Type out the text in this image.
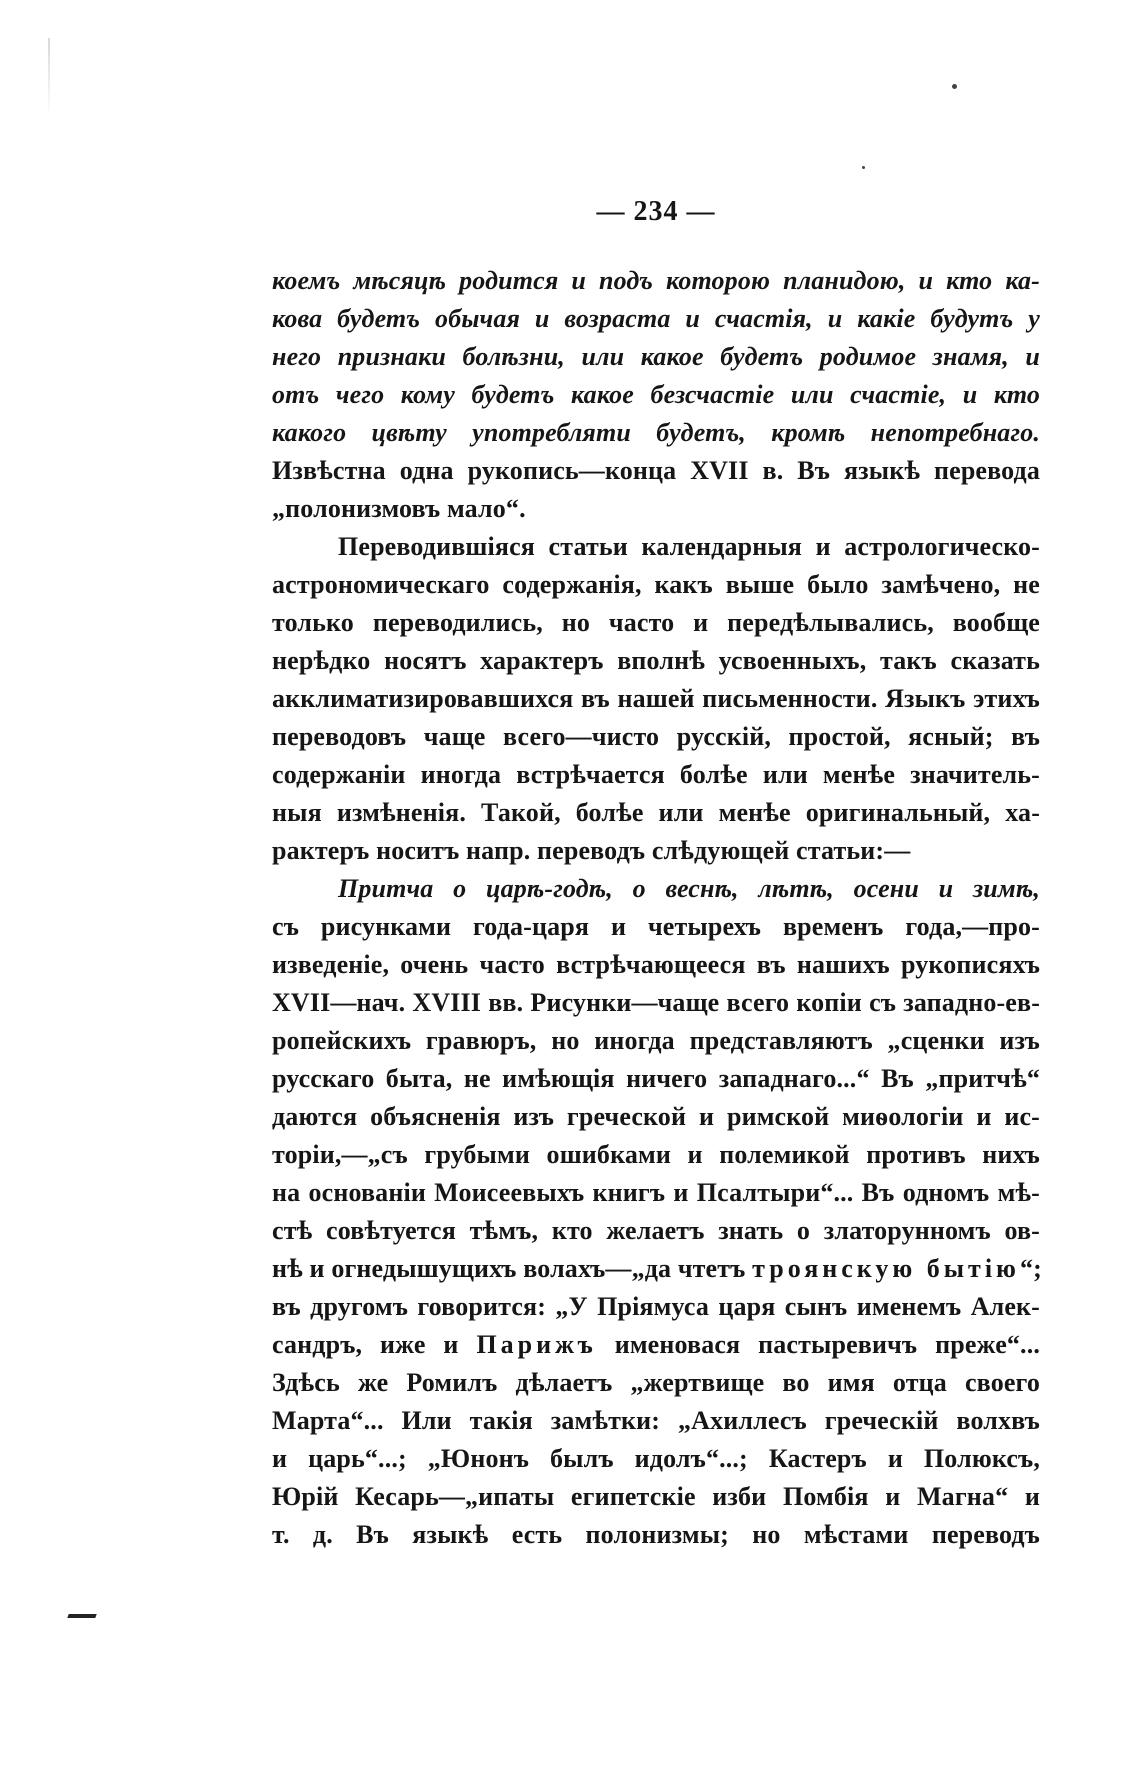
— 234 —
коемъ мѣсяцѣ родится и подъ которою планидою, и кто ка-
кова будетъ обычая и возраста и счастія, и какіе будутъ у
него признаки болѣзни, или какое будетъ родимое знамя, и
отъ чего кому будетъ какое безсчастіе или счастіе, и кто
какого цвѣту употребляти будетъ, кромѣ непотребнаго.
Извѣстна одна рукопись—конца XVII в. Въ языкѣ перевода
„полонизмовъ мало“.
Переводившіяся статьи календарныя и астрологическо-
астрономическаго содержанія, какъ выше было замѣчено, не
только переводились, но часто и передѣлывались, вообще
нерѣдко носятъ характеръ вполнѣ усвоенныхъ, такъ сказать
акклиматизировавшихся въ нашей письменности. Языкъ этихъ
переводовъ чаще всего—чисто русскій, простой, ясный; въ
содержаніи иногда встрѣчается болѣе или менѣе значитель-
ныя измѣненія. Такой, болѣе или менѣе оригинальный, ха-
рактеръ носитъ напр. переводъ слѣдующей статьи:—
Притча о царѣ-годѣ, о веснѣ, лѣтѣ, осени и зимѣ,
съ рисунками года-царя и четырехъ временъ года,—про-
изведеніе, очень часто встрѣчающееся въ нашихъ рукописяхъ
XVII—нач. XVIII вв. Рисунки—чаще всего копіи съ западно-ев-
ропейскихъ гравюръ, но иногда представляютъ „сценки изъ
русскаго быта, не имѣющія ничего западнаго...“ Въ „притчѣ“
даются объясненія изъ греческой и римской миѳологіи и ис-
торіи,—„съ грубыми ошибками и полемикой противъ нихъ
на основаніи Моисеевыхъ книгъ и Псалтыри“... Въ одномъ мѣ-
стѣ совѣтуется тѣмъ, кто желаетъ знать о златорунномъ ов-
нѣ и огнедышущихъ волахъ—„да чтетъ троянскую бытію“;
въ другомъ говорится: „У Пріямуса царя сынъ именемъ Алек-
сандръ, иже и Парижъ именовася пастыревичъ преже“...
Здѣсь же Ромилъ дѣлаетъ „жертвище во имя отца своего
Марта“... Или такія замѣтки: „Ахиллесъ греческій волхвъ
и царь“...; „Юнонъ былъ идолъ“...; Кастеръ и Полюксъ,
Юрій Кесарь—„ипаты египетскіе изби Помбія и Магна“ и
т. д. Въ языкѣ есть полонизмы; но мѣстами переводъ
